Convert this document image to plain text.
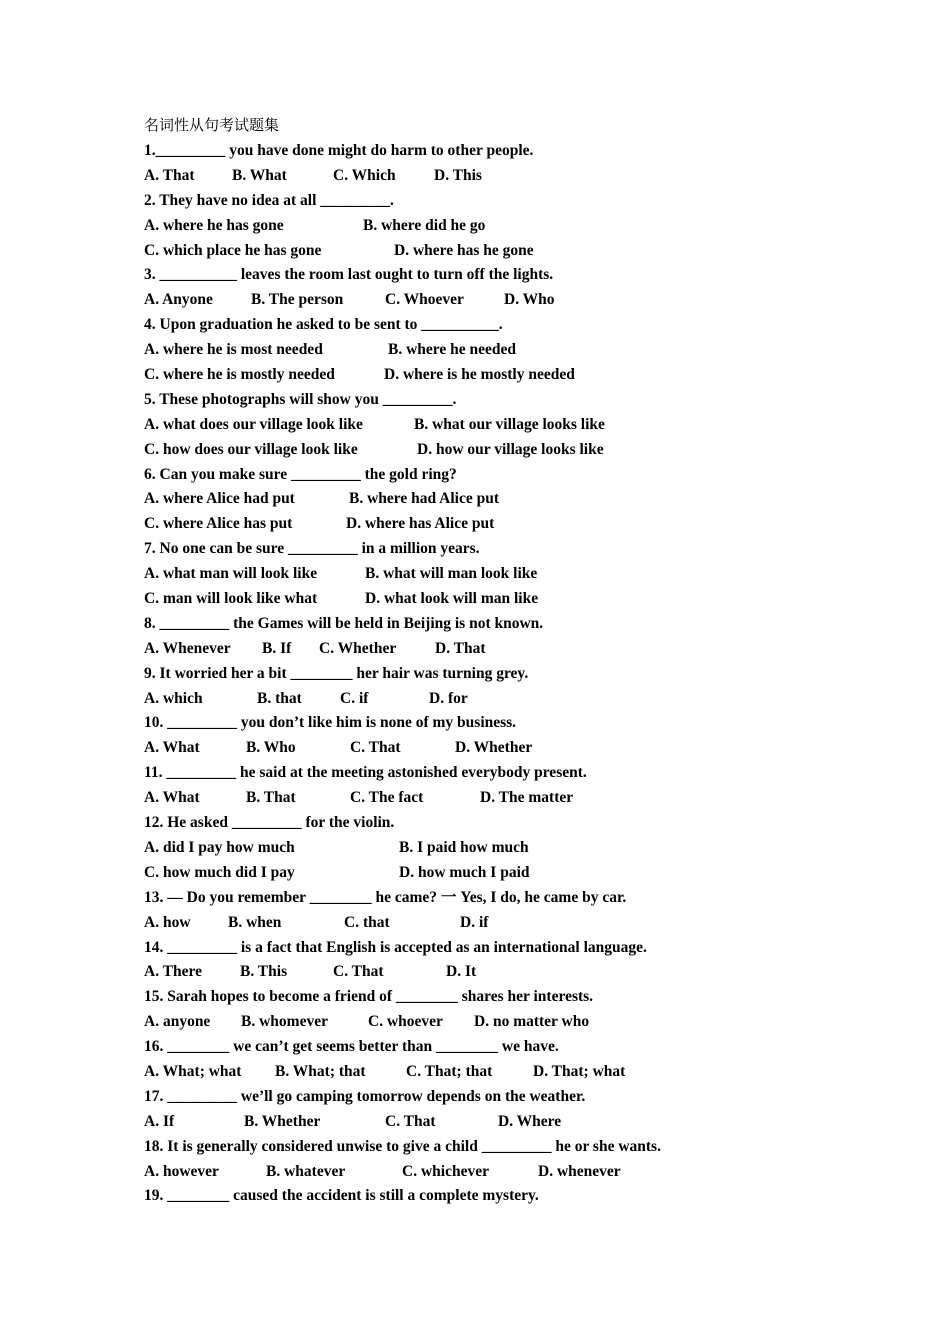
名词性从句考试题集
1._________ you have done might do harm to other people.
A. That B. What	C. Which D. This
2. They have no idea at all _________.
A. where he has gone	B. where did he go
C. which place he has gone	D. where has he gone
3. __________ leaves the room last ought to turn off the lights.
A. Anyone B. The person	C. Whoever	D. Who
4. Upon graduation he asked to be sent to __________.
A. where he is most needed	B. where he needed
C. where he is mostly needed	D. where is he mostly needed
5. These photographs will show you _________.
A. what does our village look like	B. what our village looks like
C. how does our village look like	D. how our village looks like
6. Can you make sure _________ the gold ring?
A. where Alice had put	B. where had Alice put
C. where Alice has put	D. where has Alice put
7. No one can be sure _________ in a million years.
A. what man will look like	B. what will man look like
C. man will look like what	D. what look will man like
8. _________ the Games will be held in Beijing is not known.
A. Whenever B. If C. Whether	D. That
9. It worried her a bit ________ her hair was turning grey.
A. which	B. that C. if	D. for
10. _________ you don’t like him is none of my business.
A. What	B. Who	C. That	D. Whether
11. _________ he said at the meeting astonished everybody present.
A. What	B. That	C. The fact	D. The matter
12. He asked _________ for the violin.
A. did I pay how much	B. I paid how much
C. how much did I pay	D. how much I paid
13. — Do you remember ________ he came? 一 Yes, I do, he came by car.
A. how B. when	C. that	D. if
14. _________ is a fact that English is accepted as an international language.
A. There B. This	C. That	D. It
15. Sarah hopes to become a friend of ________ shares her interests.
A. anyone B. whomever	C. whoever D. no matter who
16. ________ we can’t get seems better than ________ we have.
A. What; what B. What; that	C. That; that	D. That; what
17. _________ we’ll go camping tomorrow depends on the weather.
A. If	B. Whether	C. That	D. Where
18. It is generally considered unwise to give a child _________ he or she wants.
A. however	B. whatever	C. whichever	D. whenever
19. ________ caused the accident is still a complete mystery.
